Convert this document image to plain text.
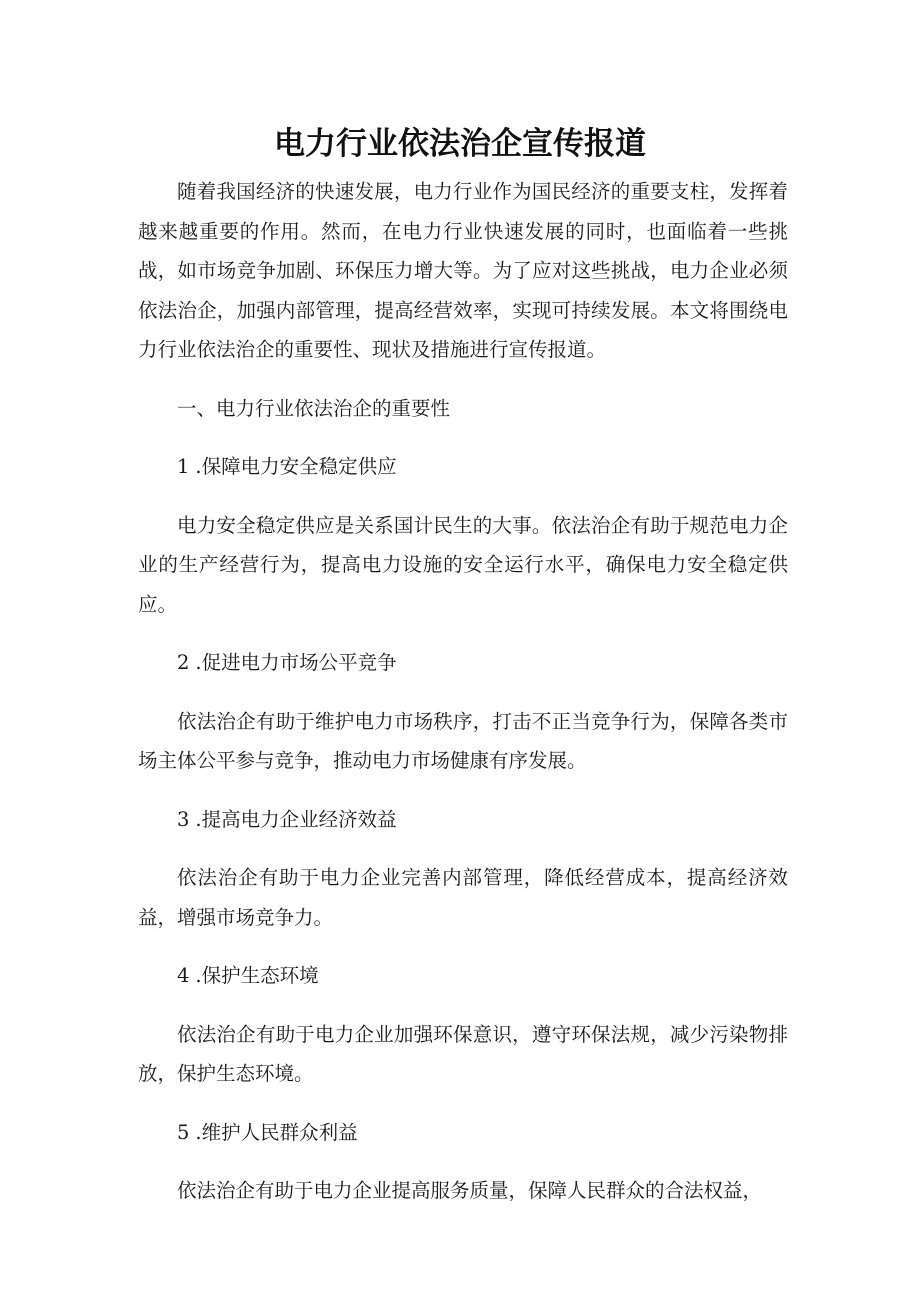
电力行业依法治企宣传报道

随着我国经济的快速发展，电力行业作为国民经济的重要支柱，发挥着越来越重要的作用。然而，在电力行业快速发展的同时，也面临着一些挑战，如市场竞争加剧、环保压力增大等。为了应对这些挑战，电力企业必须依法治企，加强内部管理，提高经营效率，实现可持续发展。本文将围绕电力行业依法治企的重要性、现状及措施进行宣传报道。

一、电力行业依法治企的重要性

1 .保障电力安全稳定供应

电力安全稳定供应是关系国计民生的大事。依法治企有助于规范电力企业的生产经营行为，提高电力设施的安全运行水平，确保电力安全稳定供应。

2 .促进电力市场公平竞争

依法治企有助于维护电力市场秩序，打击不正当竞争行为，保障各类市场主体公平参与竞争，推动电力市场健康有序发展。

3 .提高电力企业经济效益

依法治企有助于电力企业完善内部管理，降低经营成本，提高经济效益，增强市场竞争力。

4 .保护生态环境

依法治企有助于电力企业加强环保意识，遵守环保法规，减少污染物排放，保护生态环境。

5 .维护人民群众利益

依法治企有助于电力企业提高服务质量，保障人民群众的合法权益，
